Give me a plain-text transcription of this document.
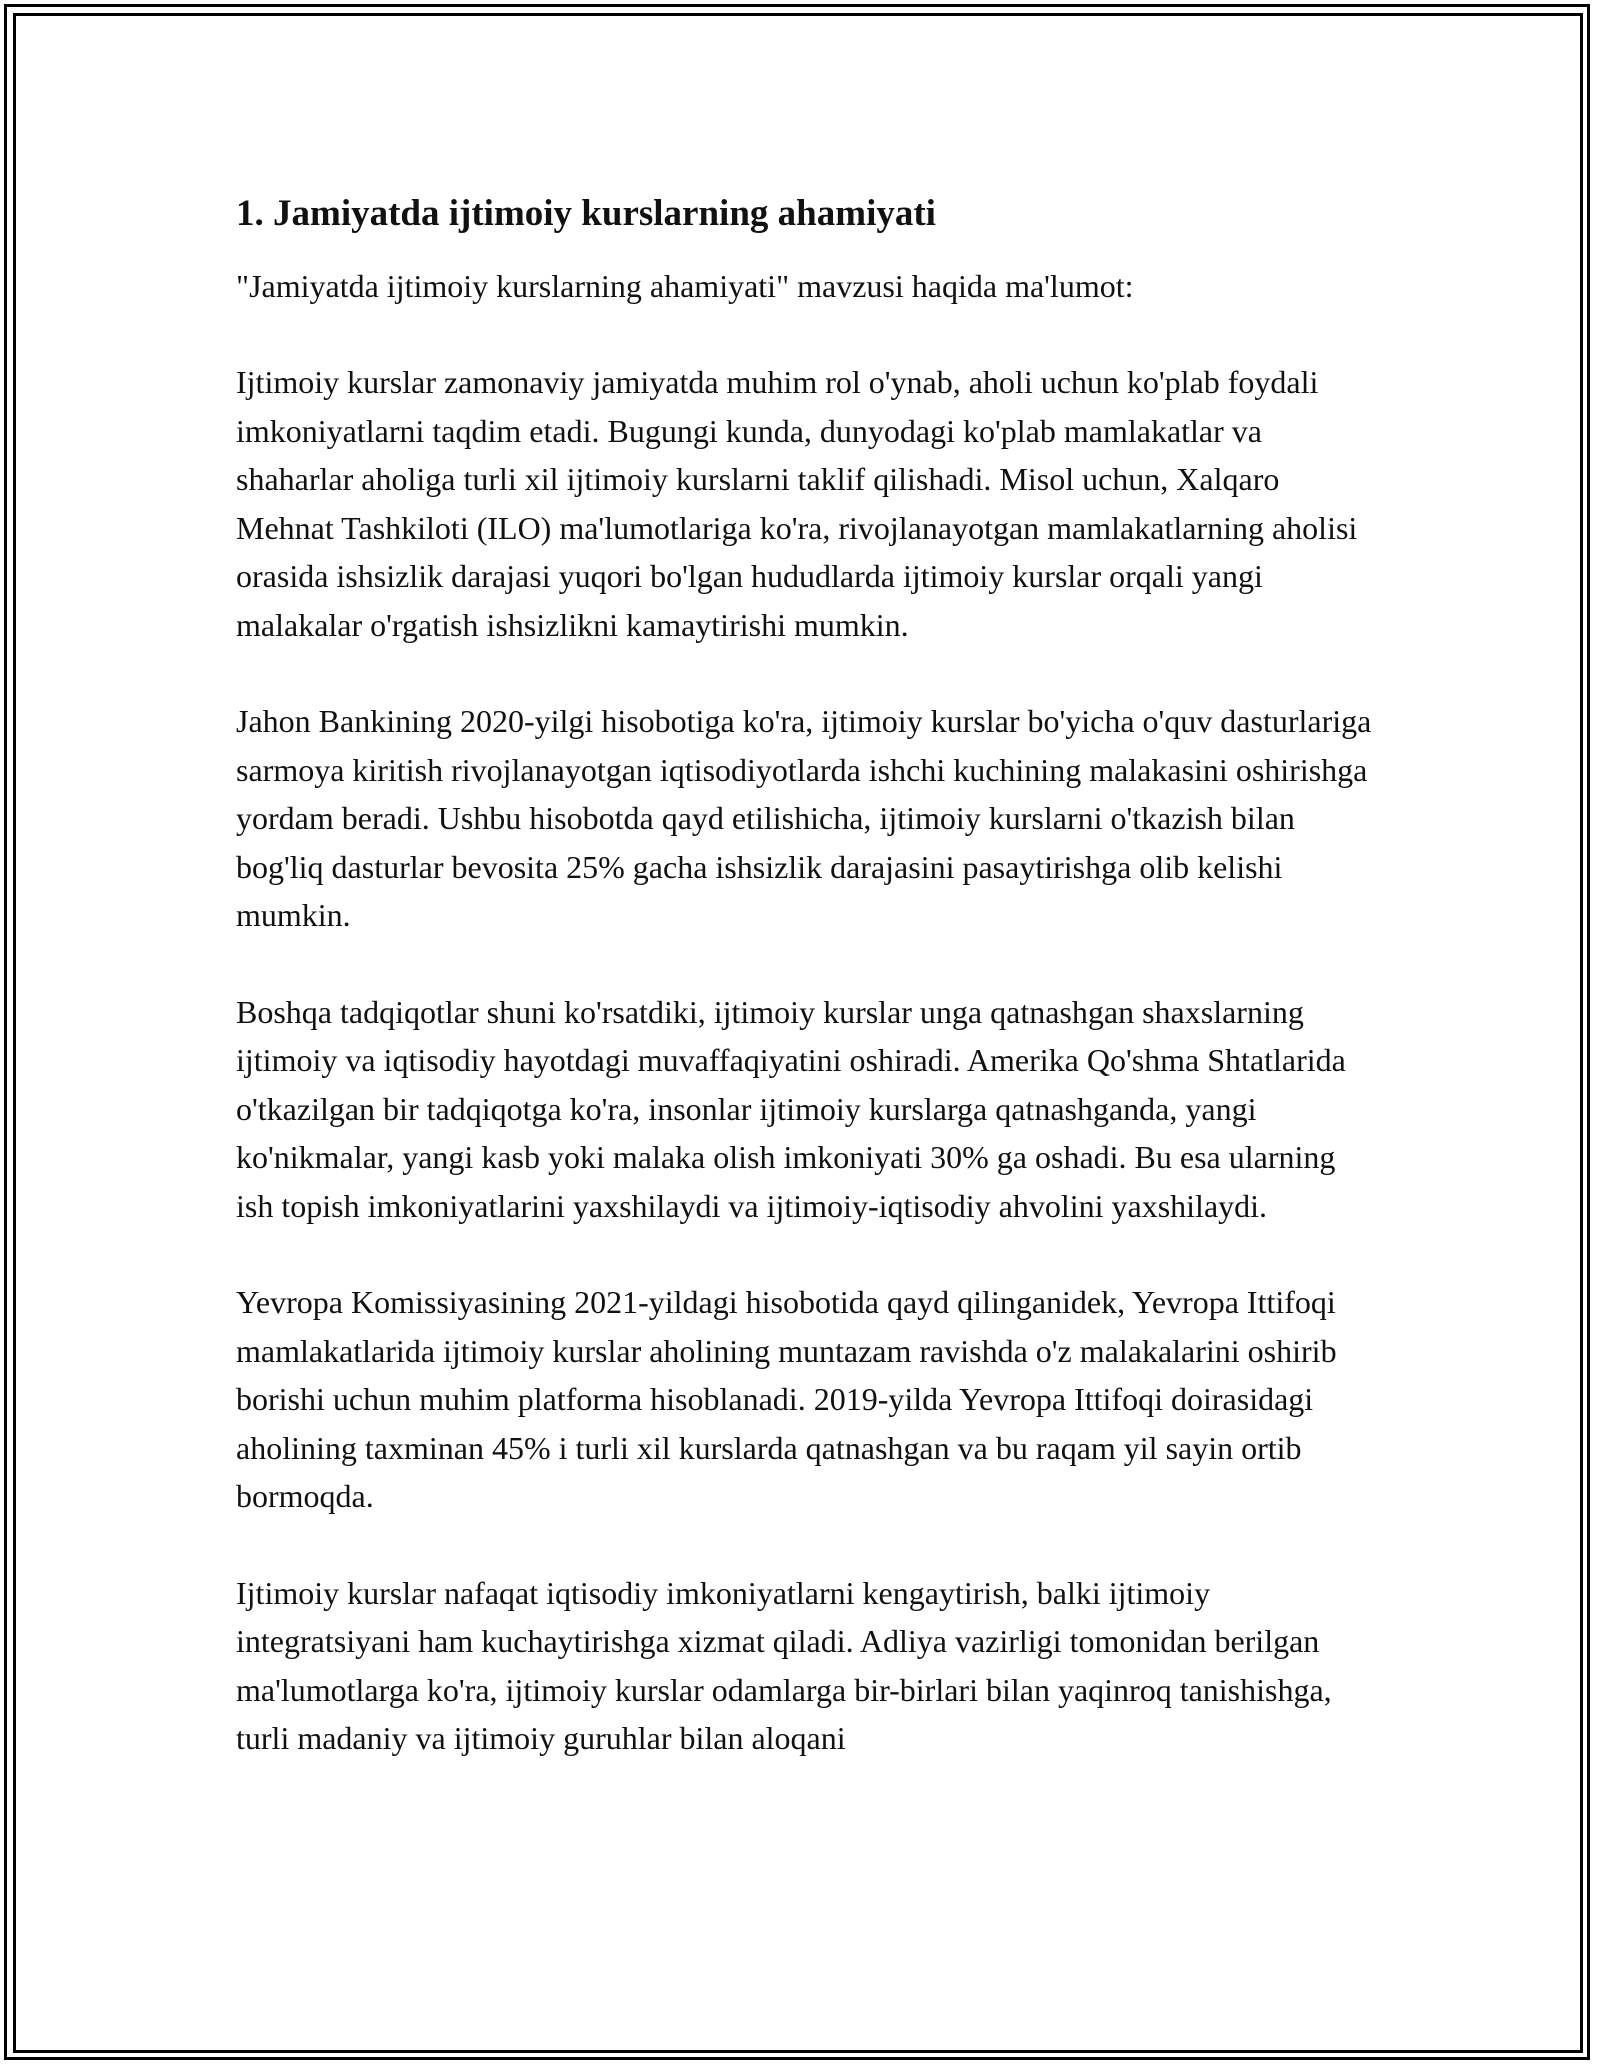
1. Jamiyatda ijtimoiy kurslarning ahamiyati

"Jamiyatda ijtimoiy kurslarning ahamiyati" mavzusi haqida ma'lumot:

Ijtimoiy kurslar zamonaviy jamiyatda muhim rol o'ynab, aholi uchun ko'plab foydali imkoniyatlarni taqdim etadi. Bugungi kunda, dunyodagi ko'plab mamlakatlar va shaharlar aholiga turli xil ijtimoiy kurslarni taklif qilishadi. Misol uchun, Xalqaro Mehnat Tashkiloti (ILO) ma'lumotlariga ko'ra, rivojlanayotgan mamlakatlarning aholisi orasida ishsizlik darajasi yuqori bo'lgan hududlarda ijtimoiy kurslar orqali yangi malakalar o'rgatish ishsizlikni kamaytirishi mumkin.

Jahon Bankining 2020-yilgi hisobotiga ko'ra, ijtimoiy kurslar bo'yicha o'quv dasturlariga sarmoya kiritish rivojlanayotgan iqtisodiyotlarda ishchi kuchining malakasini oshirishga yordam beradi. Ushbu hisobotda qayd etilishicha, ijtimoiy kurslarni o'tkazish bilan bog'liq dasturlar bevosita 25% gacha ishsizlik darajasini pasaytirishga olib kelishi mumkin.

Boshqa tadqiqotlar shuni ko'rsatdiki, ijtimoiy kurslar unga qatnashgan shaxslarning ijtimoiy va iqtisodiy hayotdagi muvaffaqiyatini oshiradi. Amerika Qo'shma Shtatlarida o'tkazilgan bir tadqiqotga ko'ra, insonlar ijtimoiy kurslarga qatnashganda, yangi ko'nikmalar, yangi kasb yoki malaka olish imkoniyati 30% ga oshadi. Bu esa ularning ish topish imkoniyatlarini yaxshilaydi va ijtimoiy-iqtisodiy ahvolini yaxshilaydi.

Yevropa Komissiyasining 2021-yildagi hisobotida qayd qilinganidek, Yevropa Ittifoqi mamlakatlarida ijtimoiy kurslar aholining muntazam ravishda o'z malakalarini oshirib borishi uchun muhim platforma hisoblanadi. 2019-yilda Yevropa Ittifoqi doirasidagi aholining taxminan 45% i turli xil kurslarda qatnashgan va bu raqam yil sayin ortib bormoqda.

Ijtimoiy kurslar nafaqat iqtisodiy imkoniyatlarni kengaytirish, balki ijtimoiy integratsiyani ham kuchaytirishga xizmat qiladi. Adliya vazirligi tomonidan berilgan ma'lumotlarga ko'ra, ijtimoiy kurslar odamlarga bir-birlari bilan yaqinroq tanishishga, turli madaniy va ijtimoiy guruhlar bilan aloqani
